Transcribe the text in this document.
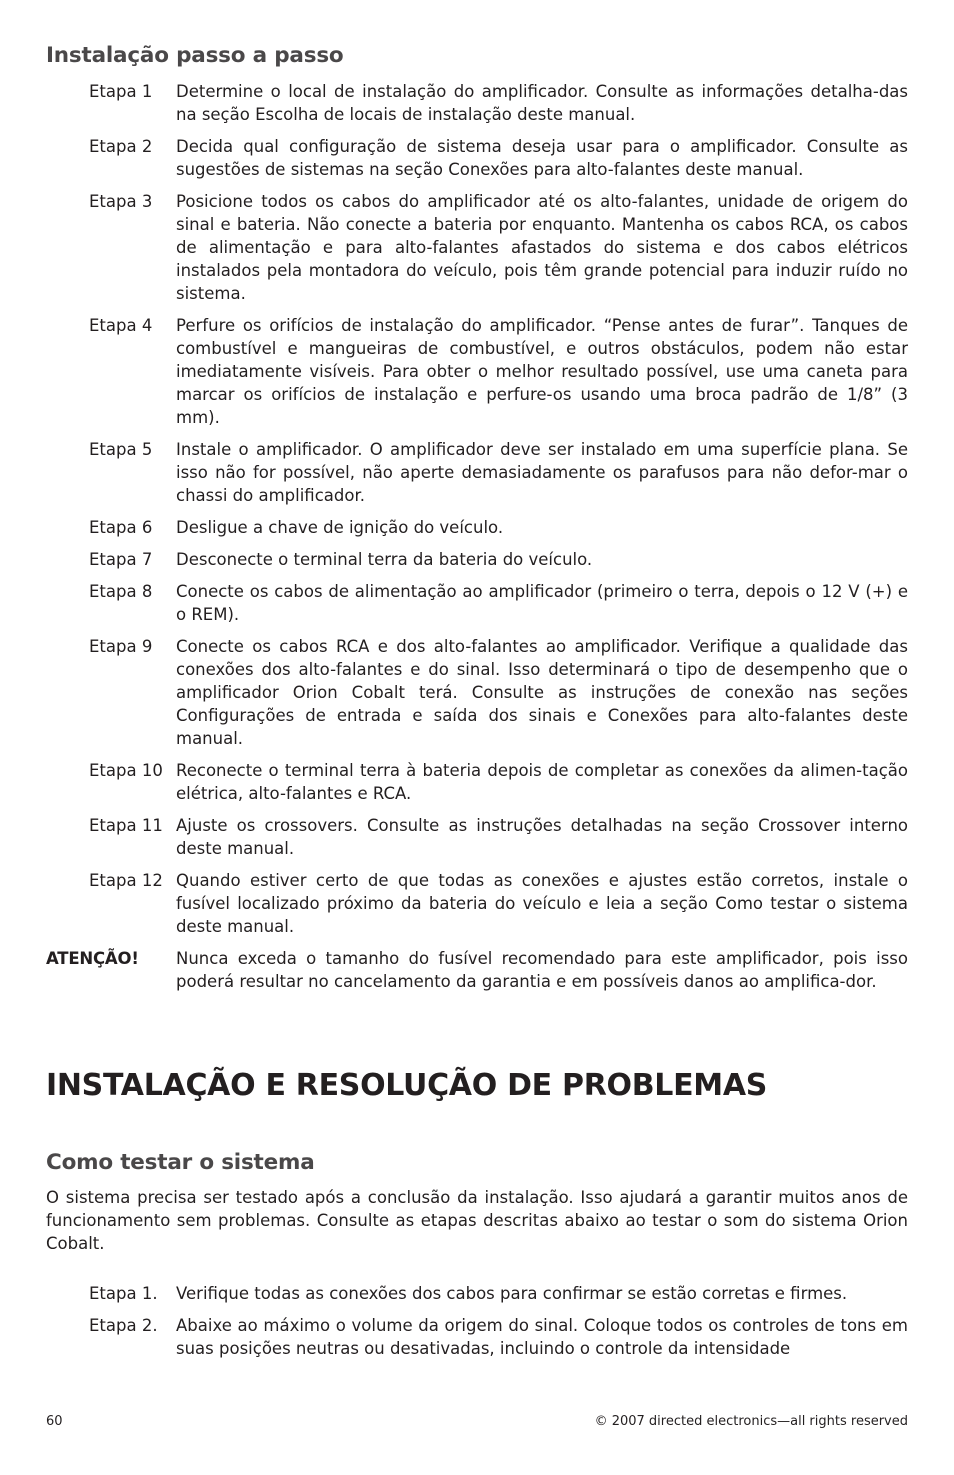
Instalação passo a passo
Etapa 1 Determine o local de instalação do amplificador. Consulte as informações detalha-das na seção Escolha de locais de instalação deste manual.

Etapa 2 Decida qual configuração de sistema deseja usar para o amplificador. Consulte as sugestões de sistemas na seção Conexões para alto-falantes deste manual.

Etapa 3 Posicione todos os cabos do amplificador até os alto-falantes, unidade de origem do sinal e bateria. Não conecte a bateria por enquanto. Mantenha os cabos RCA, os cabos de alimentação e para alto-falantes afastados do sistema e dos cabos elétricos instalados pela montadora do veículo, pois têm grande potencial para induzir ruído no sistema.

Etapa 4 Perfure os orifícios de instalação do amplificador. “Pense antes de furar”. Tanques de combustível e mangueiras de combustível, e outros obstáculos, podem não estar imediatamente visíveis. Para obter o melhor resultado possível, use uma caneta para marcar os orifícios de instalação e perfure-os usando uma broca padrão de 1/8” (3 mm).

Etapa 5 Instale o amplificador. O amplificador deve ser instalado em uma superfície plana. Se isso não for possível, não aperte demasiadamente os parafusos para não defor-mar o chassi do amplificador.

Etapa 6 Desligue a chave de ignição do veículo.

Etapa 7 Desconecte o terminal terra da bateria do veículo.

Etapa 8 Conecte os cabos de alimentação ao amplificador (primeiro o terra, depois o 12 V (+) e o REM).

Etapa 9 Conecte os cabos RCA e dos alto-falantes ao amplificador. Verifique a qualidade das conexões dos alto-falantes e do sinal. Isso determinará o tipo de desempenho que o amplificador Orion Cobalt terá. Consulte as instruções de conexão nas seções Configurações de entrada e saída dos sinais e Conexões para alto-falantes deste manual.

Etapa 10 Reconecte o terminal terra à bateria depois de completar as conexões da alimen-tação elétrica, alto-falantes e RCA.

Etapa 11 Ajuste os crossovers. Consulte as instruções detalhadas na seção Crossover interno deste manual.

Etapa 12 Quando estiver certo de que todas as conexões e ajustes estão corretos, instale o fusível localizado próximo da bateria do veículo e leia a seção Como testar o sistema deste manual.

ATENÇÃO! Nunca exceda o tamanho do fusível recomendado para este amplificador, pois isso poderá resultar no cancelamento da garantia e em possíveis danos ao amplifica-dor.

INSTALAÇÃO E RESOLUÇÃO DE PROBLEMAS
Como testar o sistema

O sistema precisa ser testado após a conclusão da instalação. Isso ajudará a garantir muitos anos de funcionamento sem problemas. Consulte as etapas descritas abaixo ao testar o som do sistema Orion Cobalt.

Etapa 1. Verifique todas as conexões dos cabos para confirmar se estão corretas e firmes.

Etapa 2. Abaixe ao máximo o volume da origem do sinal. Coloque todos os controles de tons em suas posições neutras ou desativadas, incluindo o controle da intensidade

60	© 2007 directed electronics—all rights reserved
